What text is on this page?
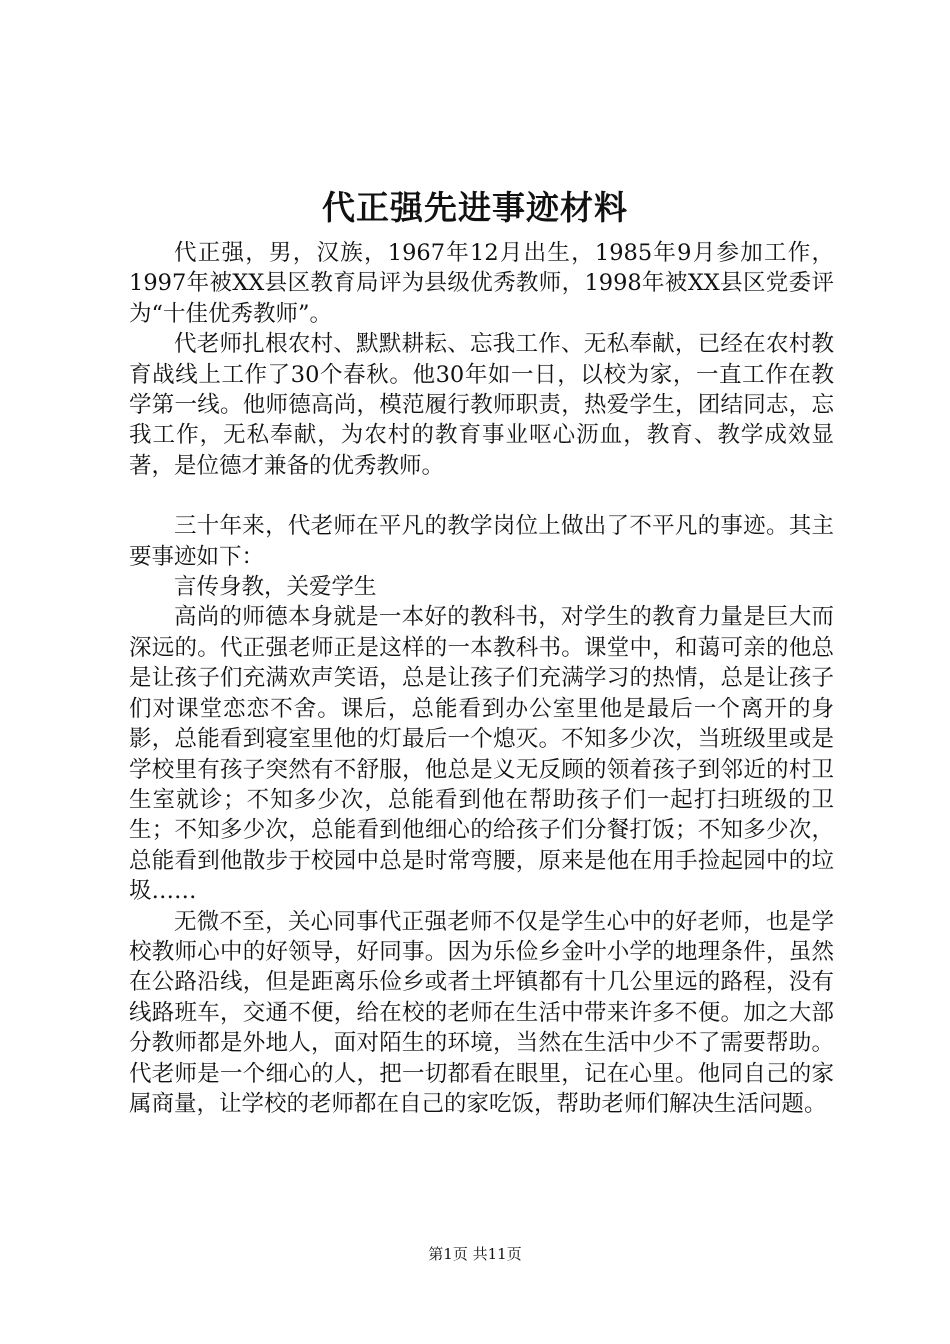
代正强先进事迹材料

代正强，男，汉族，1967年12月出生，1985年9月参加工作，1997年被XX县区教育局评为县级优秀教师，1998年被XX县区党委评为“十佳优秀教师”。

代老师扎根农村、默默耕耘、忘我工作、无私奉献，已经在农村教育战线上工作了30个春秋。他30年如一日，以校为家，一直工作在教学第一线。他师德高尚，模范履行教师职责，热爱学生，团结同志，忘我工作，无私奉献，为农村的教育事业呕心沥血，教育、教学成效显著，是位德才兼备的优秀教师。

三十年来，代老师在平凡的教学岗位上做出了不平凡的事迹。其主要事迹如下：

言传身教，关爱学生

高尚的师德本身就是一本好的教科书，对学生的教育力量是巨大而深远的。代正强老师正是这样的一本教科书。课堂中，和蔼可亲的他总是让孩子们充满欢声笑语，总是让孩子们充满学习的热情，总是让孩子们对课堂恋恋不舍。课后，总能看到办公室里他是最后一个离开的身影，总能看到寝室里他的灯最后一个熄灭。不知多少次，当班级里或是学校里有孩子突然有不舒服，他总是义无反顾的领着孩子到邻近的村卫生室就诊；不知多少次，总能看到他在帮助孩子们一起打扫班级的卫生；不知多少次，总能看到他细心的给孩子们分餐打饭；不知多少次，总能看到他散步于校园中总是时常弯腰，原来是他在用手捡起园中的垃圾……

无微不至，关心同事代正强老师不仅是学生心中的好老师，也是学校教师心中的好领导，好同事。因为乐俭乡金叶小学的地理条件，虽然在公路沿线，但是距离乐俭乡或者土坪镇都有十几公里远的路程，没有线路班车，交通不便，给在校的老师在生活中带来许多不便。加之大部分教师都是外地人，面对陌生的环境，当然在生活中少不了需要帮助。代老师是一个细心的人，把一切都看在眼里，记在心里。他同自己的家属商量，让学校的老师都在自己的家吃饭，帮助老师们解决生活问题。

第1页 共11页
